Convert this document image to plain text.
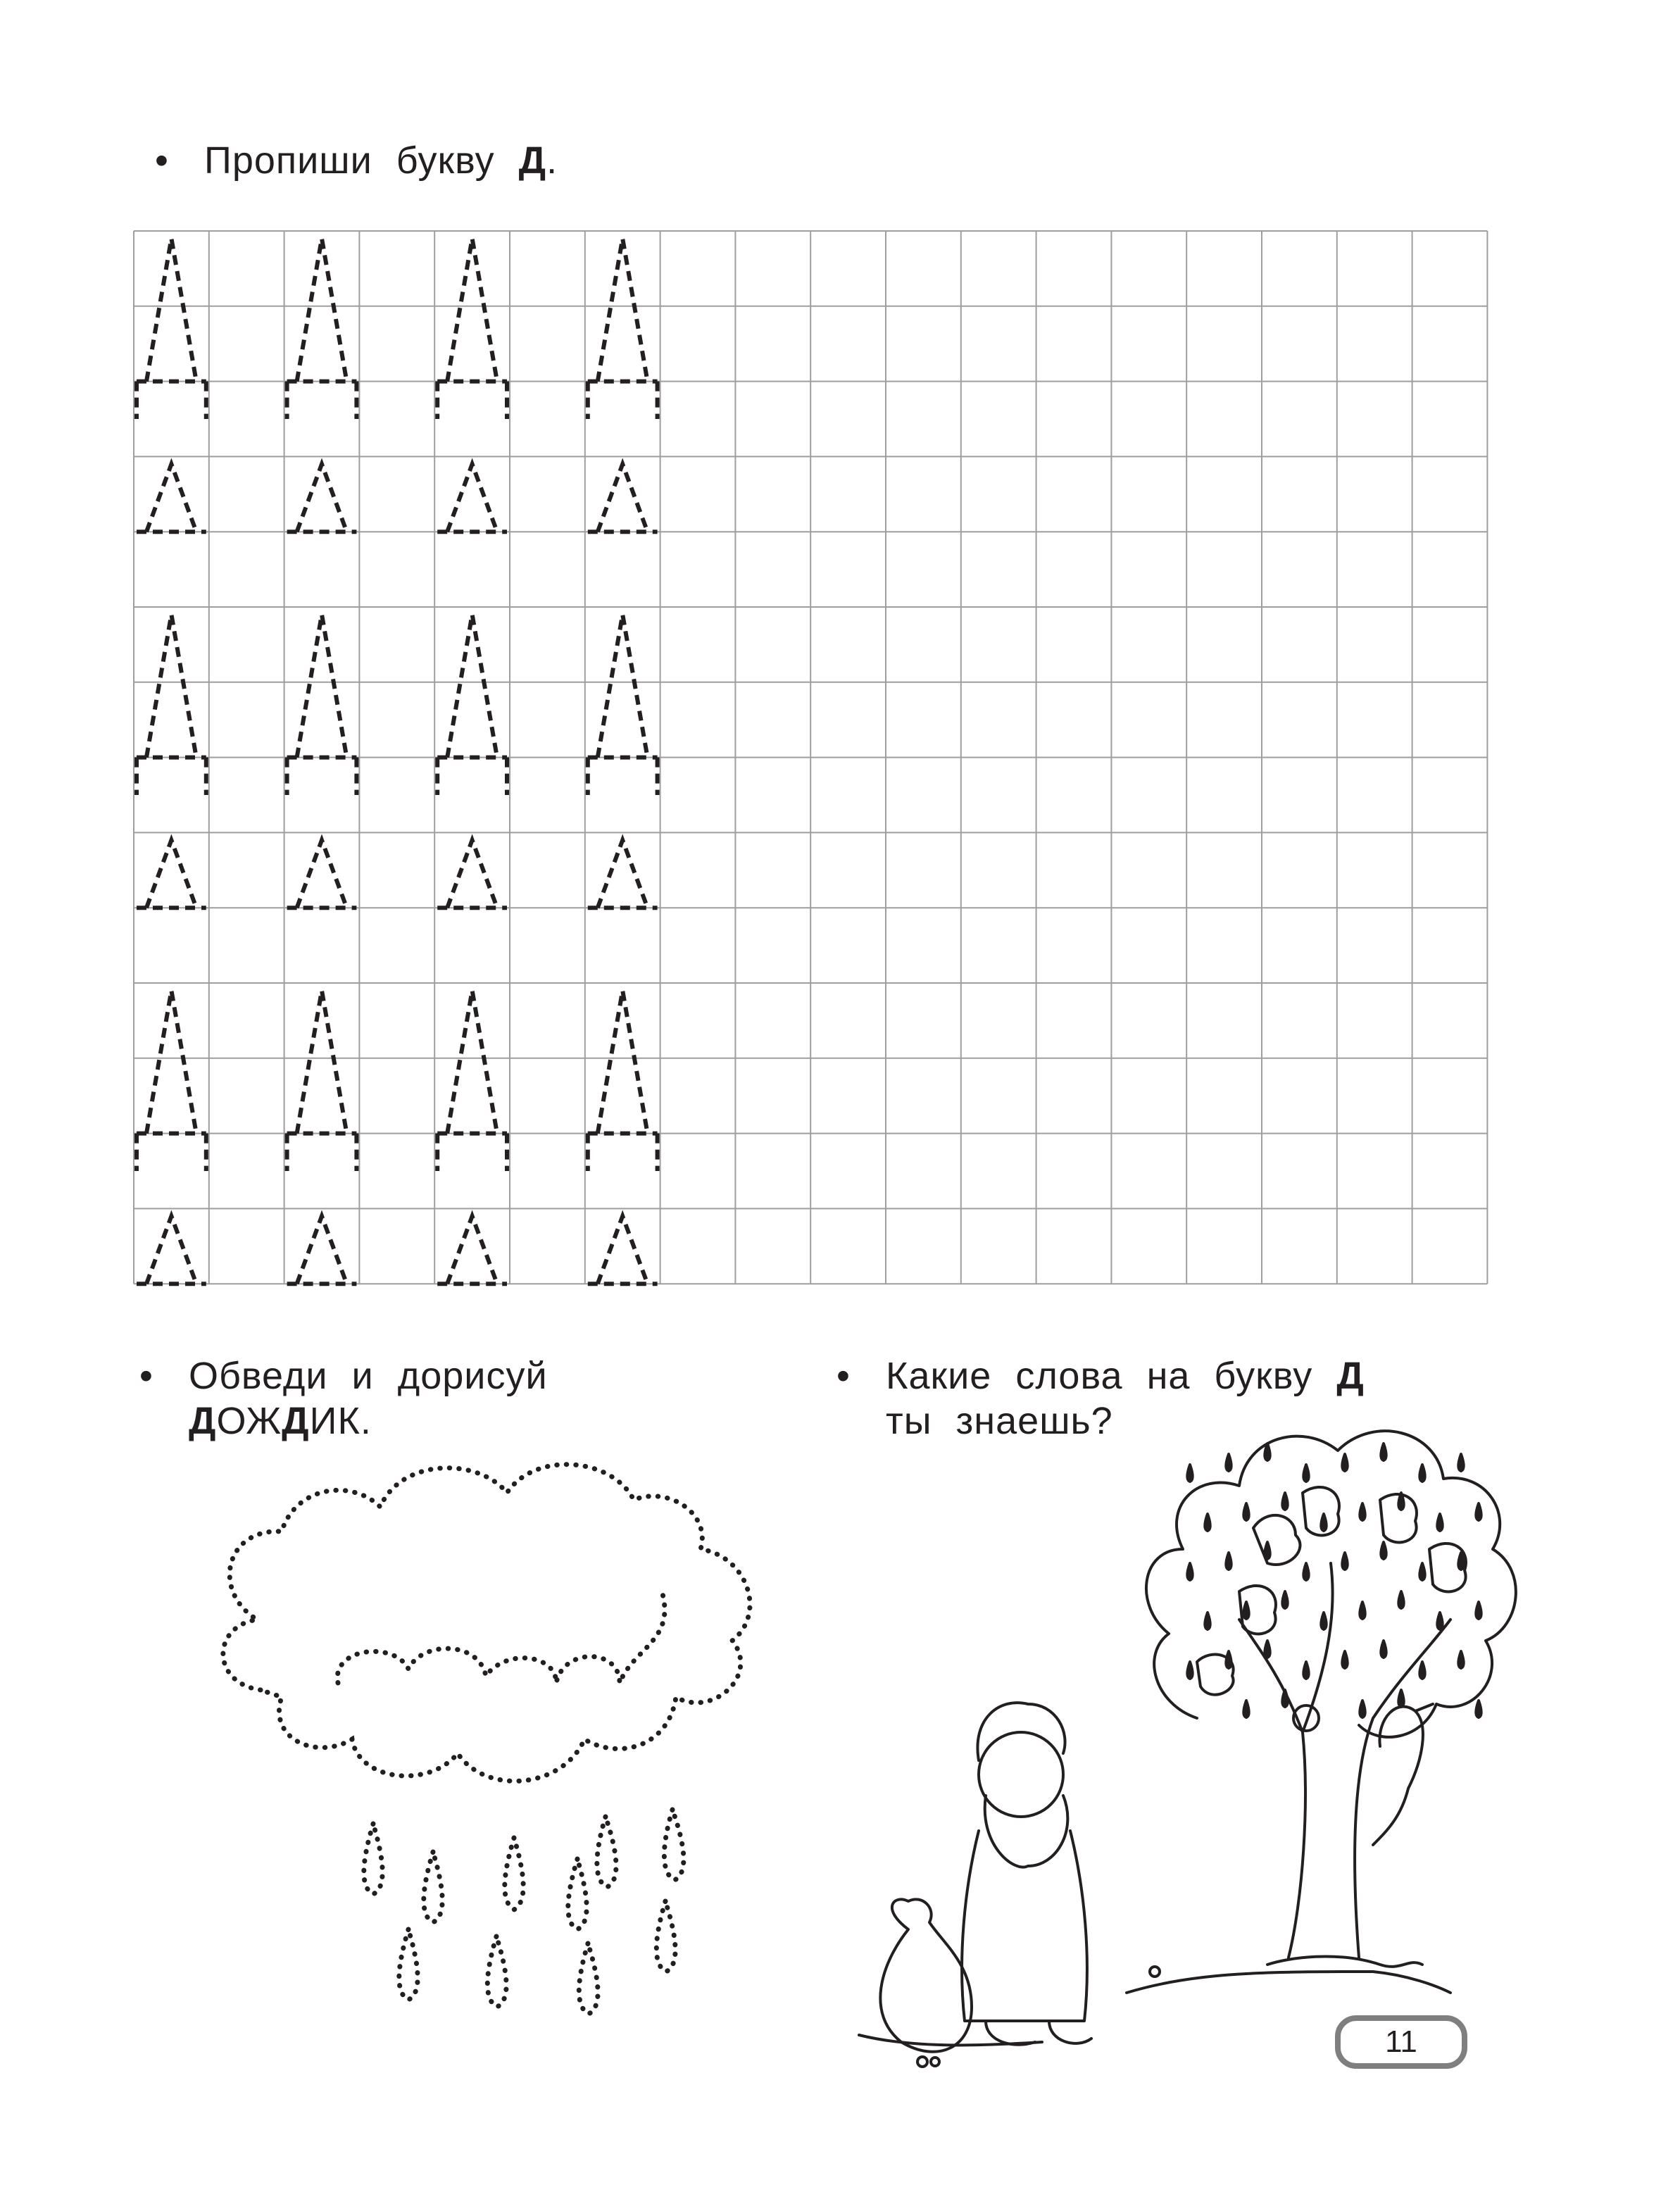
• Пропиши букву Д.
• Обведи и дорисуй
ДОЖДИК.
• Какие слова на букву Д
ты знаешь?
11
